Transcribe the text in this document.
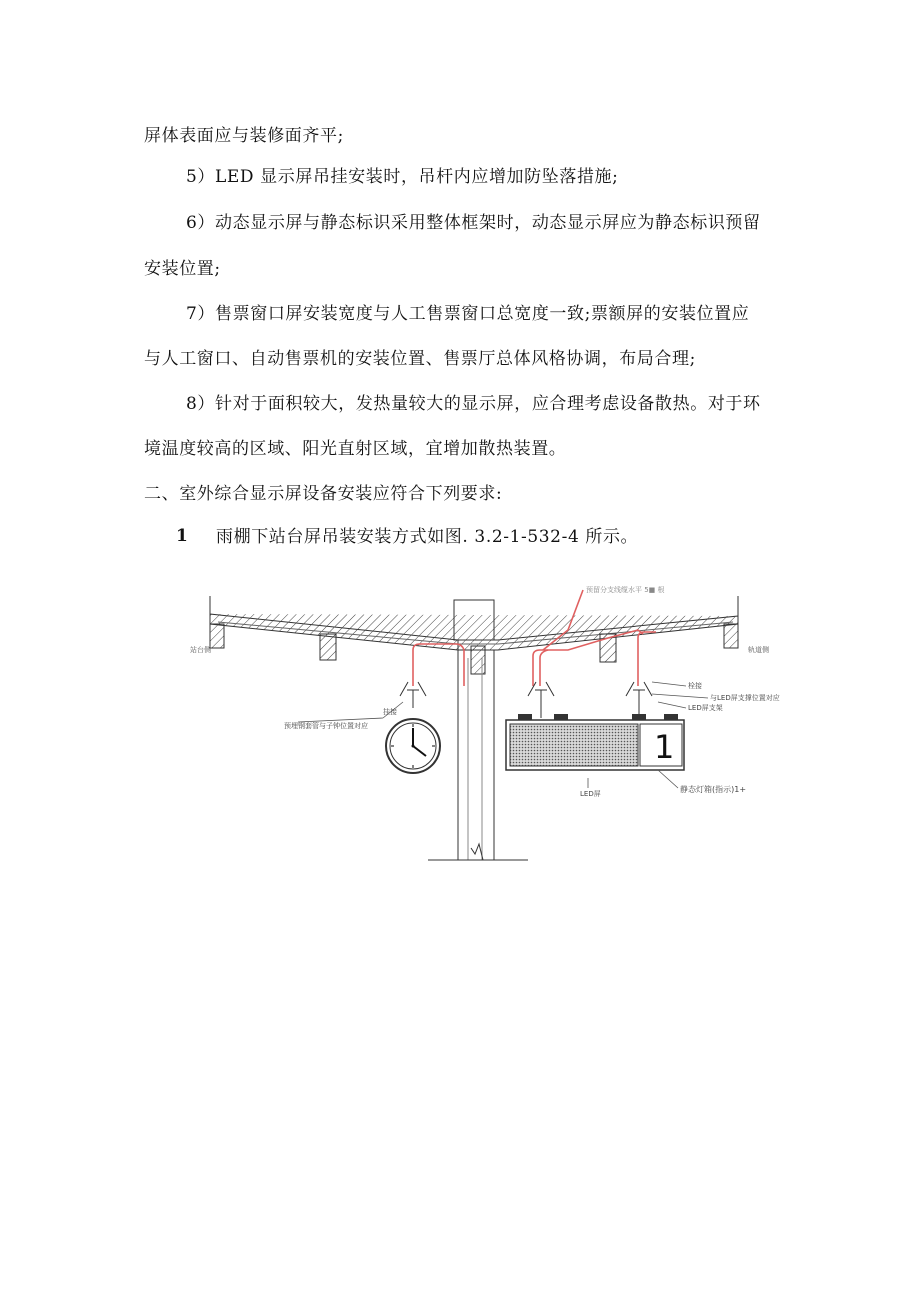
屏体表面应与装修面齐平;
5）LED 显示屏吊挂安装时，吊杆内应增加防坠落措施;
6）动态显示屏与静态标识采用整体框架时，动态显示屏应为静态标识预留
安装位置;
7）售票窗口屏安装宽度与人工售票窗口总宽度一致;票额屏的安装位置应
与人工窗口、自动售票机的安装位置、售票厅总体风格协调，布局合理;
8）针对于面积较大，发热量较大的显示屏，应合理考虑设备散热。对于环
境温度较高的区域、阳光直射区域，宜增加散热装置。
二、室外综合显示屏设备安装应符合下列要求:
1 雨棚下站台屏吊装安装方式如图. 3.2-1-532-4 所示。
预留分支线缆水平 5■ 根
站台侧	轨道侧
挂接
预埋钢套管与子钟位置对应
栓接
与LED屏支撑位置对应
LED屏支架
LED屏	静态灯箱(指示)1+
1
